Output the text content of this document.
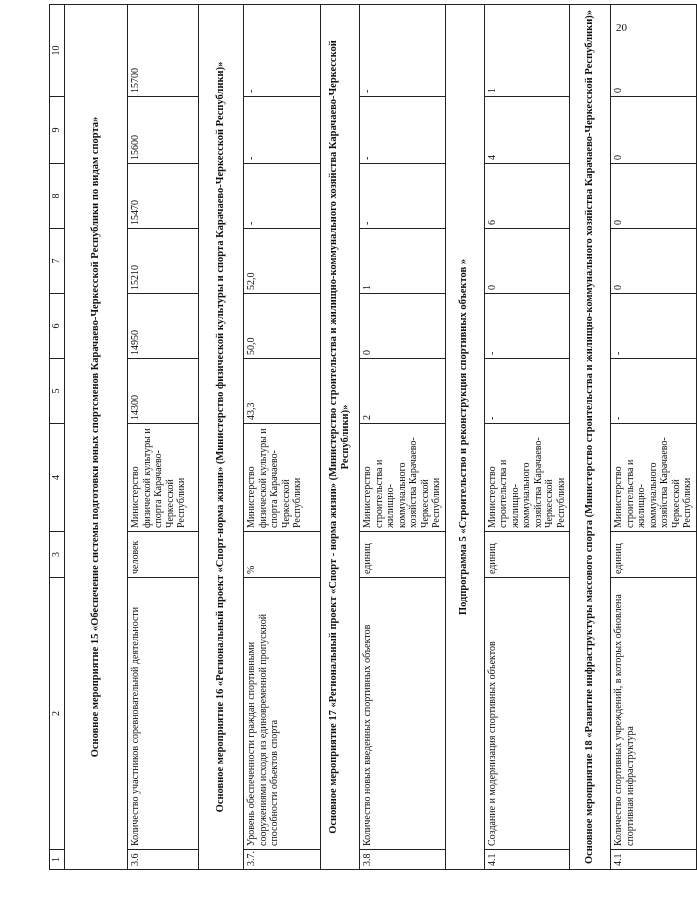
20
1	2	3	4	5	6	7	8	9	10
Основное мероприятие 15 «Обеспечение системы подготовки юных спортсменов Карачаево-Черкесской Республики по видам спорта»									
3.6	Количество участников соревновательной деятельности	человек	Министерство физической культуры и спорта Карачаево-Черкесской Республики	14300	14950	15210	15470	15600	15700
Основное мероприятие 16 «Региональный проект «Спорт-норма жизни» (Министерство физической культуры и спорта Карачаево-Черкесской Республики)»									
3.7.	Уровень обеспеченности граждан спортивными сооружениями исходя из единовременной пропускной способности объектов спорта	%	Министерство физической культуры и спорта Карачаево-Черкесской Республики	43,3	50,0	52,0	-	-	-
Основное мероприятие 17 «Региональный проект «Спорт - норма жизни» (Министерство строительства и жилищно-коммунального хозяйства Карачаево-Черкесской Республики)»									
3.8	Количество новых введенных спортивных объектов	единиц	Министерство строительства и жилищно-коммунального хозяйства Карачаево-Черкесской Республики	2	0	1	-	-	-
Подпрограмма 5 «Строительство и реконструкция спортивных объектов »									
4.1	Создание и модернизация спортивных объектов	единиц	Министерство строительства и жилищно-коммунального хозяйства Карачаево-Черкесской Республики	-	-	0	6	4	1
Основное мероприятие 18 «Развитие инфраструктуры массового спорта (Министерство строительства и жилищно-коммунального хозяйства Карачаево-Черкесской Республики)»									
4.1	Количество спортивных учреждений, в которых обновлена спортивная инфраструктура	единиц	Министерство строительства и жилищно-коммунального хозяйства Карачаево-Черкесской Республики	-	-	0	0	0	0
